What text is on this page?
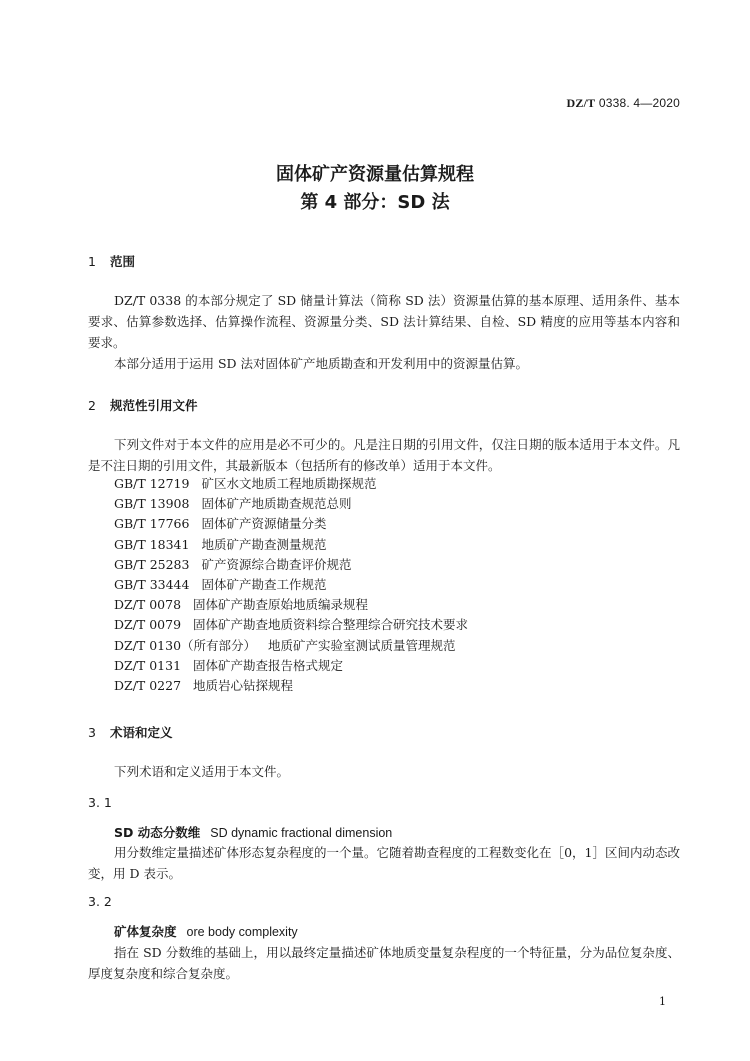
DZ/T 0338. 4—2020
固体矿产资源量估算规程
第 4 部分：SD 法
1 范围
DZ/T 0338 的本部分规定了 SD 储量计算法（简称 SD 法）资源量估算的基本原理、适用条件、基本要求、估算参数选择、估算操作流程、资源量分类、SD 法计算结果、自检、SD 精度的应用等基本内容和要求。
本部分适用于运用 SD 法对固体矿产地质勘查和开发利用中的资源量估算。
2 规范性引用文件
下列文件对于本文件的应用是必不可少的。凡是注日期的引用文件，仅注日期的版本适用于本文件。凡是不注日期的引用文件，其最新版本（包括所有的修改单）适用于本文件。
GB/T 12719 矿区水文地质工程地质勘探规范
GB/T 13908 固体矿产地质勘查规范总则
GB/T 17766 固体矿产资源储量分类
GB/T 18341 地质矿产勘查测量规范
GB/T 25283 矿产资源综合勘查评价规范
GB/T 33444 固体矿产勘查工作规范
DZ/T 0078 固体矿产勘查原始地质编录规程
DZ/T 0079 固体矿产勘查地质资料综合整理综合研究技术要求
DZ/T 0130（所有部分） 地质矿产实验室测试质量管理规范
DZ/T 0131 固体矿产勘查报告格式规定
DZ/T 0227 地质岩心钻探规程
3 术语和定义
下列术语和定义适用于本文件。
3. 1
SD 动态分数维 SD dynamic fractional dimension
用分数维定量描述矿体形态复杂程度的一个量。它随着勘查程度的工程数变化在［0，1］区间内动态改变，用 D 表示。
3. 2
矿体复杂度 ore body complexity
指在 SD 分数维的基础上，用以最终定量描述矿体地质变量复杂程度的一个特征量，分为品位复杂度、厚度复杂度和综合复杂度。
1
